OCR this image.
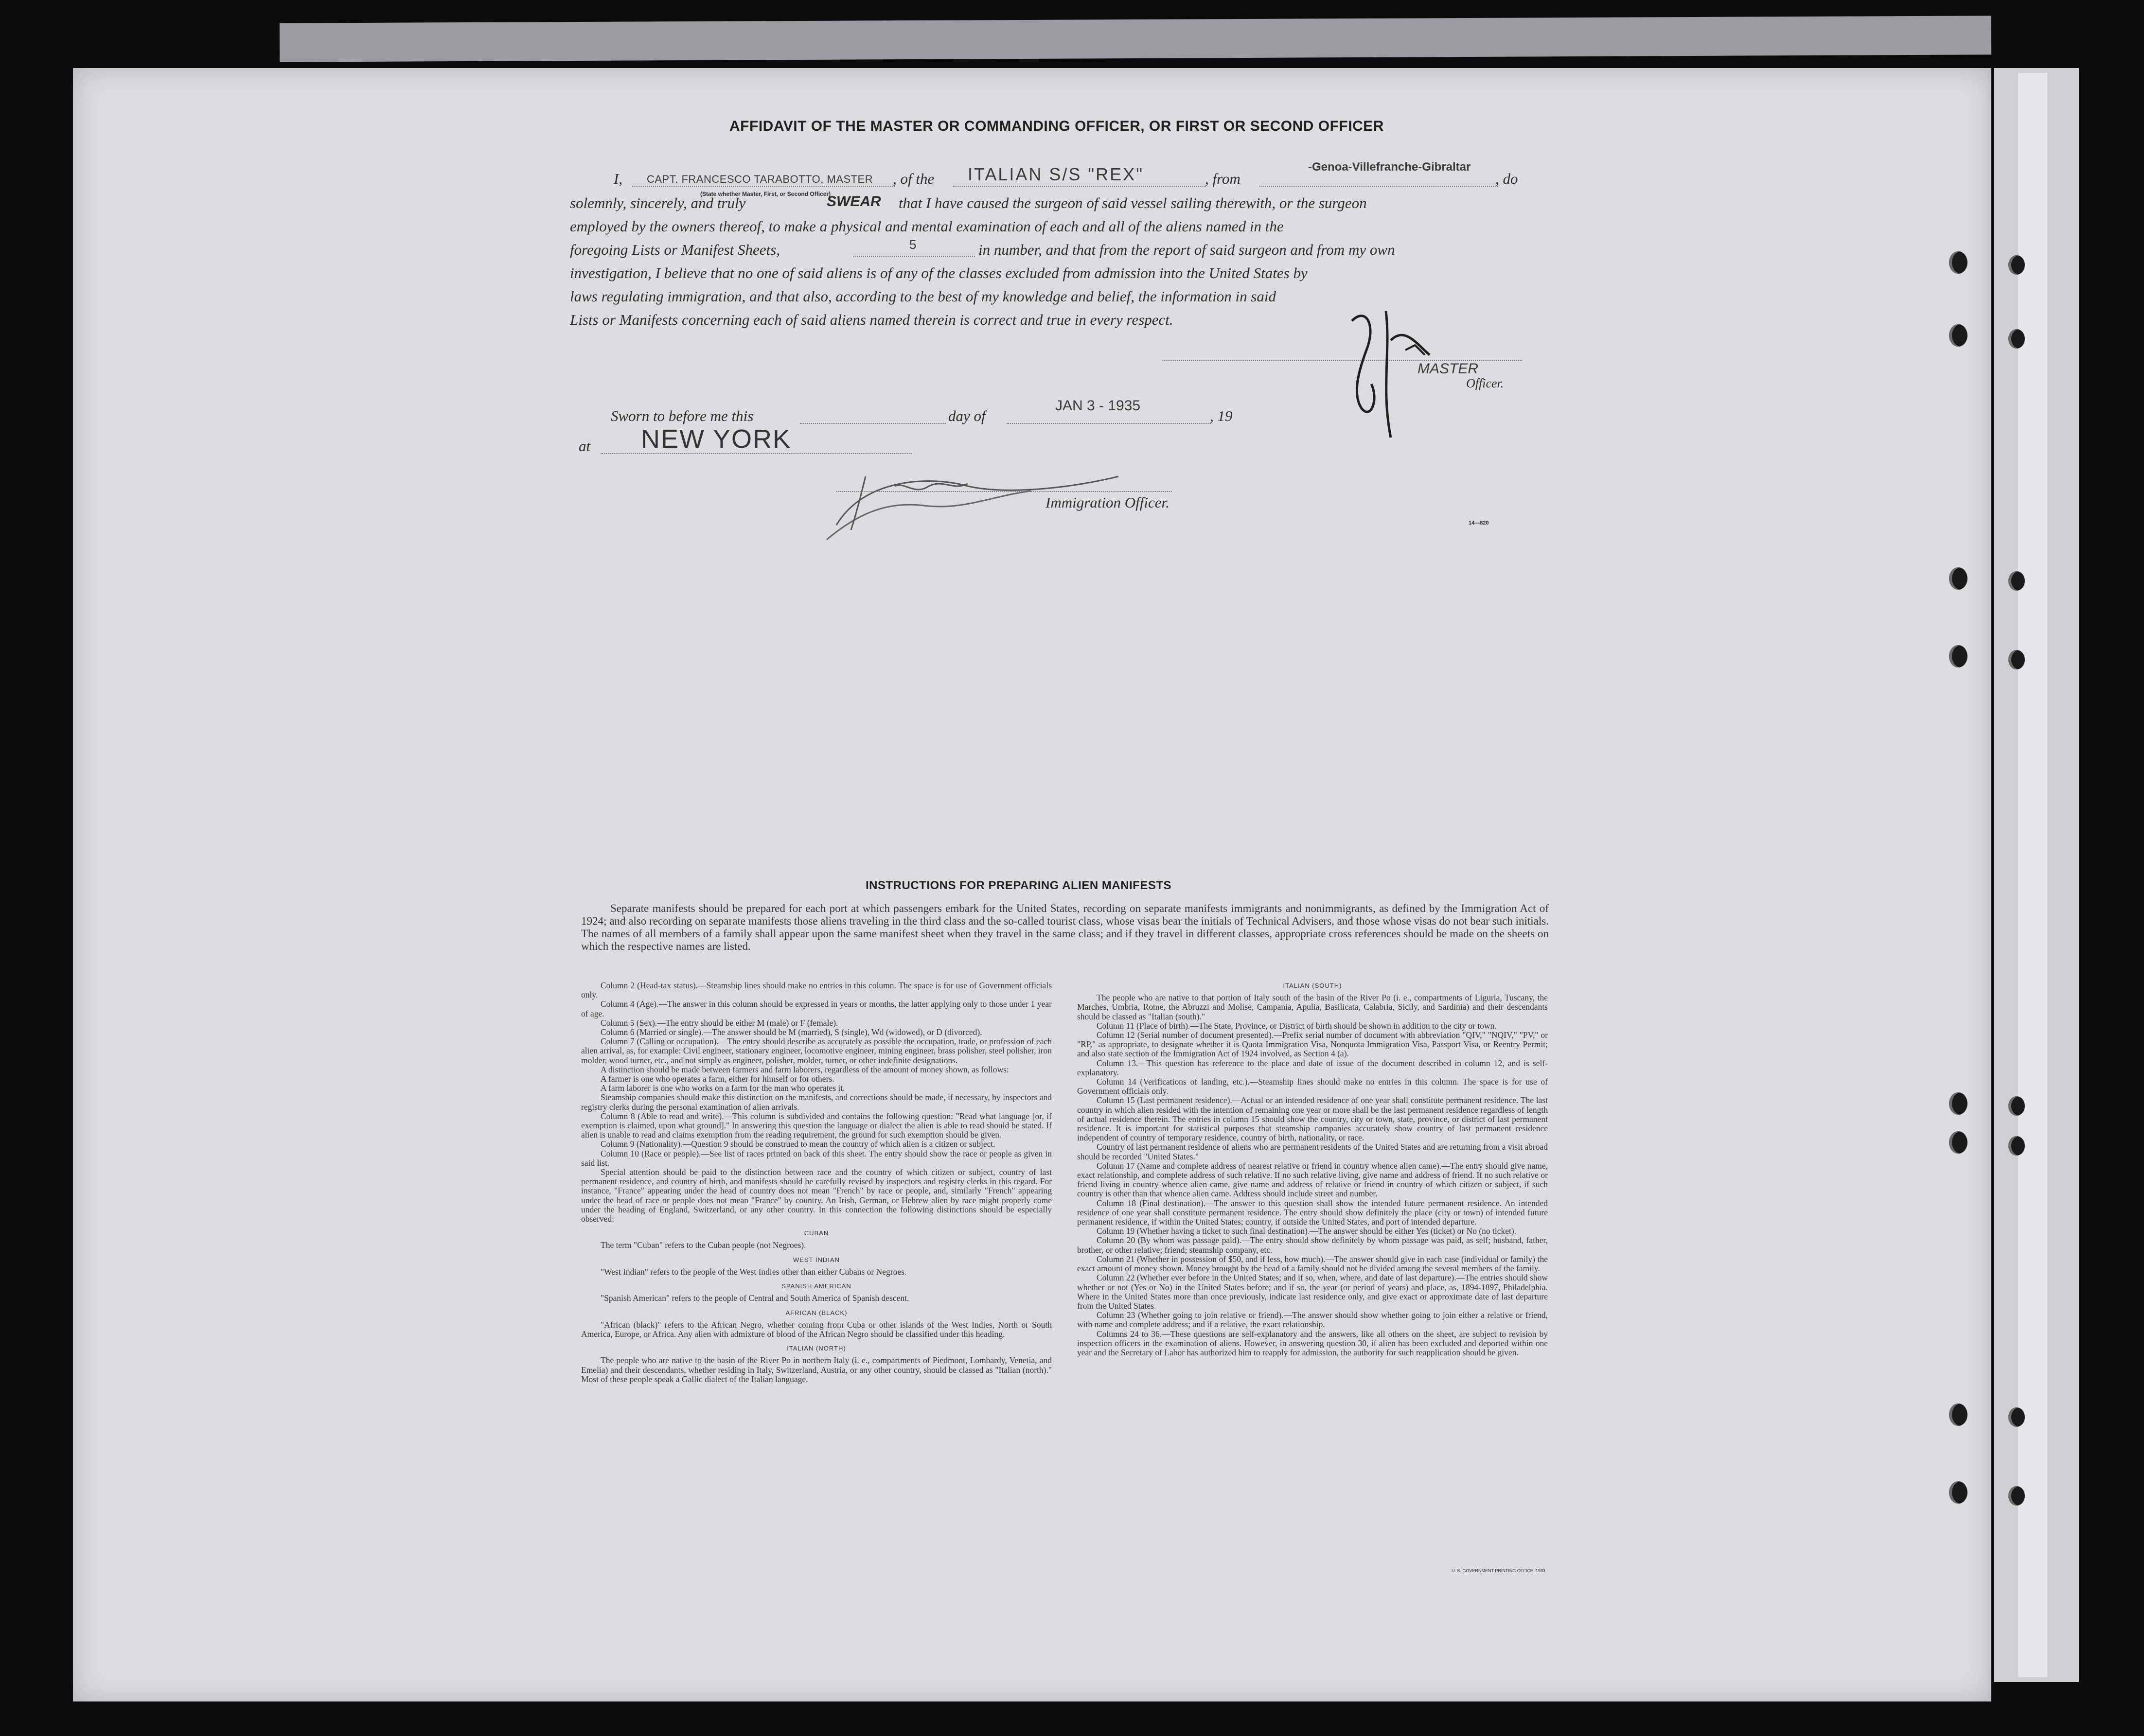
AFFIDAVIT OF THE MASTER OR COMMANDING OFFICER, OR FIRST OR SECOND OFFICER
I, CAPT. FRANCESCO TARABOTTO, MASTER
(State whether Master, First, or Second Officer)
, of the ITALIAN S/S "REX"	, from
-Genoa-Villefranche-Gibraltar
, do
solemnly, sincerely, and truly	SWEAR that I have caused the surgeon of said vessel sailing therewith, or the surgeon
employed by the owners thereof, to make a physical and mental examination of each and all of the aliens named in the
foregoing Lists or Manifest Sheets,	5	in number, and that from the report of said surgeon and from my own
investigation, I believe that no one of said aliens is of any of the classes excluded from admission into the United States by
laws regulating immigration, and that also, according to the best of my knowledge and belief, the information in said
Lists or Manifests concerning each of said aliens named therein is correct and true in every respect.
MASTER
Officer.
Sworn to before me this	day of
JAN 3 - 1935
, 19
at NEW YORK
Immigration Officer.
14—820
INSTRUCTIONS FOR PREPARING ALIEN MANIFESTS
Separate manifests should be prepared for each port at which passengers embark for the United States, recording on separate manifests immigrants and nonimmigrants, as defined by the Immigration Act of 1924; and also recording on separate manifests those aliens traveling in the third class and the so-called tourist class, whose visas bear the initials of Technical Advisers, and those whose visas do not bear such initials. The names of all members of a family shall appear upon the same manifest sheet when they travel in the same class; and if they travel in different classes, appropriate cross references should be made on the sheets on which the respective names are listed.

Column 2 (Head-tax status).—Steamship lines should make no entries in this column. The space is for use of Government officials only.

Column 4 (Age).—The answer in this column should be expressed in years or months, the latter applying only to those under 1 year of age.

Column 5 (Sex).—The entry should be either M (male) or F (female).

Column 6 (Married or single).—The answer should be M (married), S (single), Wd (widowed), or D (divorced).

Column 7 (Calling or occupation).—The entry should describe as accurately as possible the occupation, trade, or profession of each alien arrival, as, for example: Civil engineer, stationary engineer, locomotive engineer, mining engineer, brass polisher, steel polisher, iron molder, wood turner, etc., and not simply as engineer, polisher, molder, turner, or other indefinite designations.

A distinction should be made between farmers and farm laborers, regardless of the amount of money shown, as follows:

A farmer is one who operates a farm, either for himself or for others.

A farm laborer is one who works on a farm for the man who operates it.

Steamship companies should make this distinction on the manifests, and corrections should be made, if necessary, by inspectors and registry clerks during the personal examination of alien arrivals.

Column 8 (Able to read and write).—This column is subdivided and contains the following question: "Read what language [or, if exemption is claimed, upon what ground]." In answering this question the language or dialect the alien is able to read should be stated. If alien is unable to read and claims exemption from the reading requirement, the ground for such exemption should be given.

Column 9 (Nationality).—Question 9 should be construed to mean the country of which alien is a citizen or subject.

Column 10 (Race or people).—See list of races printed on back of this sheet. The entry should show the race or people as given in said list.

Special attention should be paid to the distinction between race and the country of which citizen or subject, country of last permanent residence, and country of birth, and manifests should be carefully revised by inspectors and registry clerks in this regard. For instance, "France" appearing under the head of country does not mean "French" by race or people, and, similarly "French" appearing under the head of race or people does not mean "France" by country. An Irish, German, or Hebrew alien by race might properly come under the heading of England, Switzerland, or any other country. In this connection the following distinctions should be especially observed:

CUBAN

The term "Cuban" refers to the Cuban people (not Negroes).

WEST INDIAN

"West Indian" refers to the people of the West Indies other than either Cubans or Negroes.

SPANISH AMERICAN

"Spanish American" refers to the people of Central and South America of Spanish descent.

AFRICAN (BLACK)

"African (black)" refers to the African Negro, whether coming from Cuba or other islands of the West Indies, North or South America, Europe, or Africa. Any alien with admixture of blood of the African Negro should be classified under this heading.

ITALIAN (NORTH)

The people who are native to the basin of the River Po in northern Italy (i. e., compartments of Piedmont, Lombardy, Venetia, and Emelia) and their descendants, whether residing in Italy, Switzerland, Austria, or any other country, should be classed as "Italian (north)." Most of these people speak a Gallic dialect of the Italian language.

ITALIAN (SOUTH)

The people who are native to that portion of Italy south of the basin of the River Po (i. e., compartments of Liguria, Tuscany, the Marches, Umbria, Rome, the Abruzzi and Molise, Campania, Apulia, Basilicata, Calabria, Sicily, and Sardinia) and their descendants should be classed as "Italian (south)."

Column 11 (Place of birth).—The State, Province, or District of birth should be shown in addition to the city or town.

Column 12 (Serial number of document presented).—Prefix serial number of document with abbreviation "QIV," "NQIV," "PV," or "RP," as appropriate, to designate whether it is Quota Immigration Visa, Nonquota Immigration Visa, Passport Visa, or Reentry Permit; and also state section of the Immigration Act of 1924 involved, as Section 4 (a).

Column 13.—This question has reference to the place and date of issue of the document described in column 12, and is self-explanatory.

Column 14 (Verifications of landing, etc.).—Steamship lines should make no entries in this column. The space is for use of Government officials only.

Column 15 (Last permanent residence).—Actual or an intended residence of one year shall constitute permanent residence. The last country in which alien resided with the intention of remaining one year or more shall be the last permanent residence regardless of length of actual residence therein. The entries in column 15 should show the country, city or town, state, province, or district of last permanent residence. It is important for statistical purposes that steamship companies accurately show country of last permanent residence independent of country of temporary residence, country of birth, nationality, or race.

Country of last permanent residence of aliens who are permanent residents of the United States and are returning from a visit abroad should be recorded "United States."

Column 17 (Name and complete address of nearest relative or friend in country whence alien came).—The entry should give name, exact relationship, and complete address of such relative. If no such relative living, give name and address of friend. If no such relative or friend living in country whence alien came, give name and address of relative or friend in country of which citizen or subject, if such country is other than that whence alien came. Address should include street and number.

Column 18 (Final destination).—The answer to this question shall show the intended future permanent residence. An intended residence of one year shall constitute permanent residence. The entry should show definitely the place (city or town) of intended future permanent residence, if within the United States; country, if outside the United States, and port of intended departure.

Column 19 (Whether having a ticket to such final destination).—The answer should be either Yes (ticket) or No (no ticket).

Column 20 (By whom was passage paid).—The entry should show definitely by whom passage was paid, as self; husband, father, brother, or other relative; friend; steamship company, etc.

Column 21 (Whether in possession of $50, and if less, how much).—The answer should give in each case (individual or family) the exact amount of money shown. Money brought by the head of a family should not be divided among the several members of the family.

Column 22 (Whether ever before in the United States; and if so, when, where, and date of last departure).—The entries should show whether or not (Yes or No) in the United States before; and if so, the year (or period of years) and place, as, 1894-1897, Philadelphia. Where in the United States more than once previously, indicate last residence only, and give exact or approximate date of last departure from the United States.

Column 23 (Whether going to join relative or friend).—The answer should show whether going to join either a relative or friend, with name and complete address; and if a relative, the exact relationship.

Columns 24 to 36.—These questions are self-explanatory and the answers, like all others on the sheet, are subject to revision by inspection officers in the examination of aliens. However, in answering question 30, if alien has been excluded and deported within one year and the Secretary of Labor has authorized him to reapply for admission, the authority for such reapplication should be given.

U. S. GOVERNMENT PRINTING OFFICE: 1933
